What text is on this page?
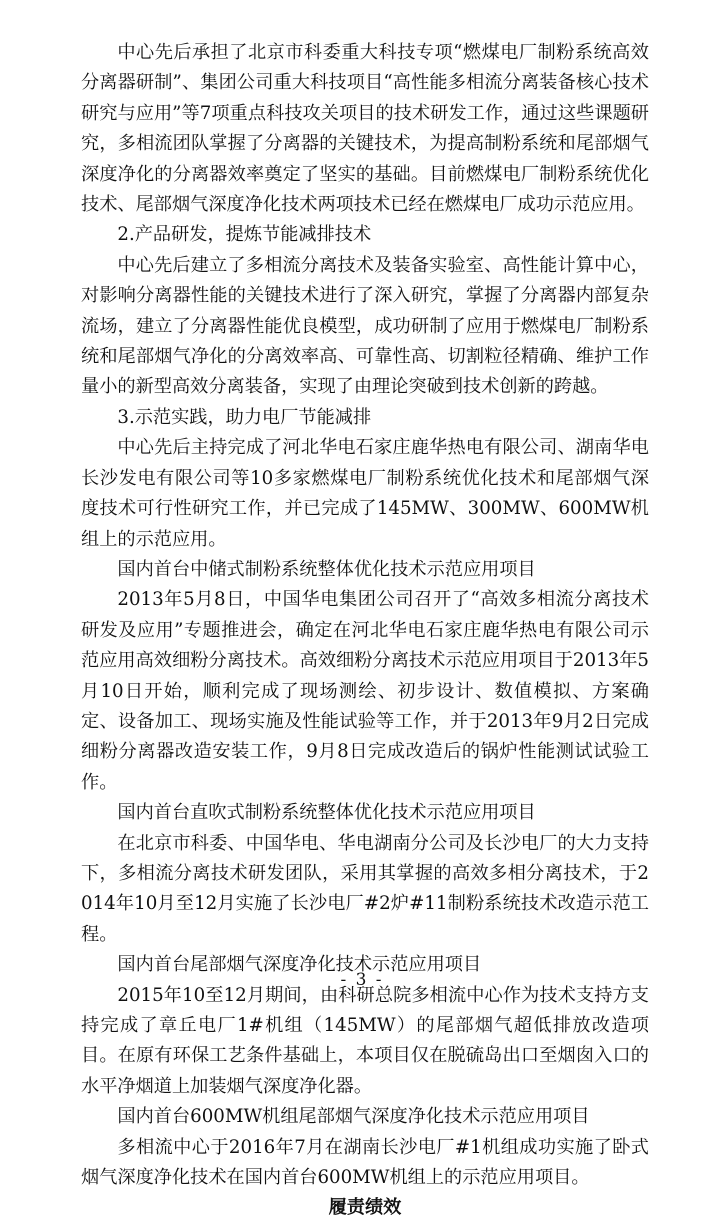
中心先后承担了北京市科委重大科技专项“燃煤电厂制粉系统高效分离器研制”、集团公司重大科技项目“高性能多相流分离装备核心技术研究与应用”等7项重点科技攻关项目的技术研发工作，通过这些课题研究，多相流团队掌握了分离器的关键技术，为提高制粉系统和尾部烟气深度净化的分离器效率奠定了坚实的基础。目前燃煤电厂制粉系统优化技术、尾部烟气深度净化技术两项技术已经在燃煤电厂成功示范应用。

2.产品研发，提炼节能减排技术

中心先后建立了多相流分离技术及装备实验室、高性能计算中心，对影响分离器性能的关键技术进行了深入研究，掌握了分离器内部复杂流场，建立了分离器性能优良模型，成功研制了应用于燃煤电厂制粉系统和尾部烟气净化的分离效率高、可靠性高、切割粒径精确、维护工作量小的新型高效分离装备，实现了由理论突破到技术创新的跨越。

3.示范实践，助力电厂节能减排

中心先后主持完成了河北华电石家庄鹿华热电有限公司、湖南华电长沙发电有限公司等10多家燃煤电厂制粉系统优化技术和尾部烟气深度技术可行性研究工作，并已完成了145MW、300MW、600MW机组上的示范应用。

国内首台中储式制粉系统整体优化技术示范应用项目

2013年5月8日，中国华电集团公司召开了“高效多相流分离技术研发及应用”专题推进会，确定在河北华电石家庄鹿华热电有限公司示范应用高效细粉分离技术。高效细粉分离技术示范应用项目于2013年5月10日开始，顺利完成了现场测绘、初步设计、数值模拟、方案确定、设备加工、现场实施及性能试验等工作，并于2013年9月2日完成细粉分离器改造安装工作，9月8日完成改造后的锅炉性能测试试验工作。

国内首台直吹式制粉系统整体优化技术示范应用项目

在北京市科委、中国华电、华电湖南分公司及长沙电厂的大力支持下，多相流分离技术研发团队，采用其掌握的高效多相分离技术，于2014年10月至12月实施了长沙电厂#2炉#11制粉系统技术改造示范工程。

国内首台尾部烟气深度净化技术示范应用项目

2015年10至12月期间，由科研总院多相流中心作为技术支持方支持完成了章丘电厂1#机组（145MW）的尾部烟气超低排放改造项目。在原有环保工艺条件基础上，本项目仅在脱硫岛出口至烟囱入口的水平净烟道上加装烟气深度净化器。

国内首台600MW机组尾部烟气深度净化技术示范应用项目

多相流中心于2016年7月在湖南长沙电厂#1机组成功实施了卧式烟气深度净化技术在国内首台600MW机组上的示范应用项目。

履责绩效

- 3 -
